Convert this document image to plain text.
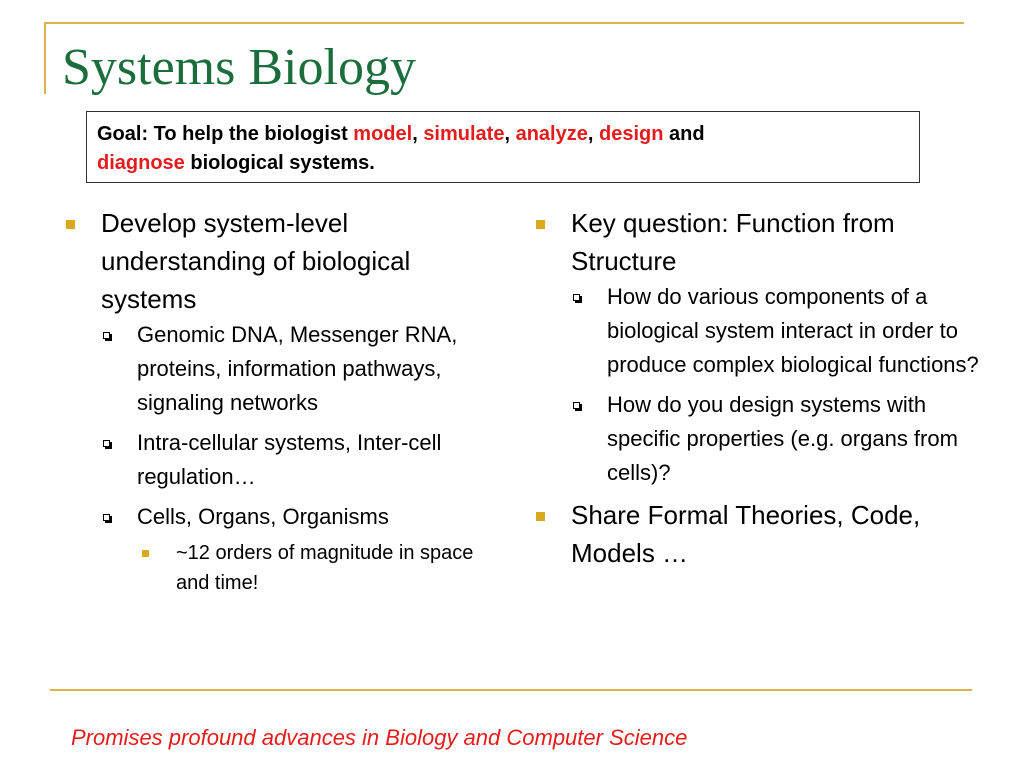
Systems Biology
Goal: To help the biologist model, simulate, analyze, design and
diagnose biological systems.
Develop system-level understanding of biological systems
Genomic DNA, Messenger RNA, proteins, information pathways, signaling networks
Intra-cellular systems, Inter-cell regulation…
Cells, Organs, Organisms
~12 orders of magnitude in space and time!
Key question: Function from Structure
How do various components of a biological system interact in order to produce complex biological functions?
How do you design systems with specific properties (e.g. organs from cells)?
Share Formal Theories, Code, Models …
Promises profound advances in Biology and Computer Science
